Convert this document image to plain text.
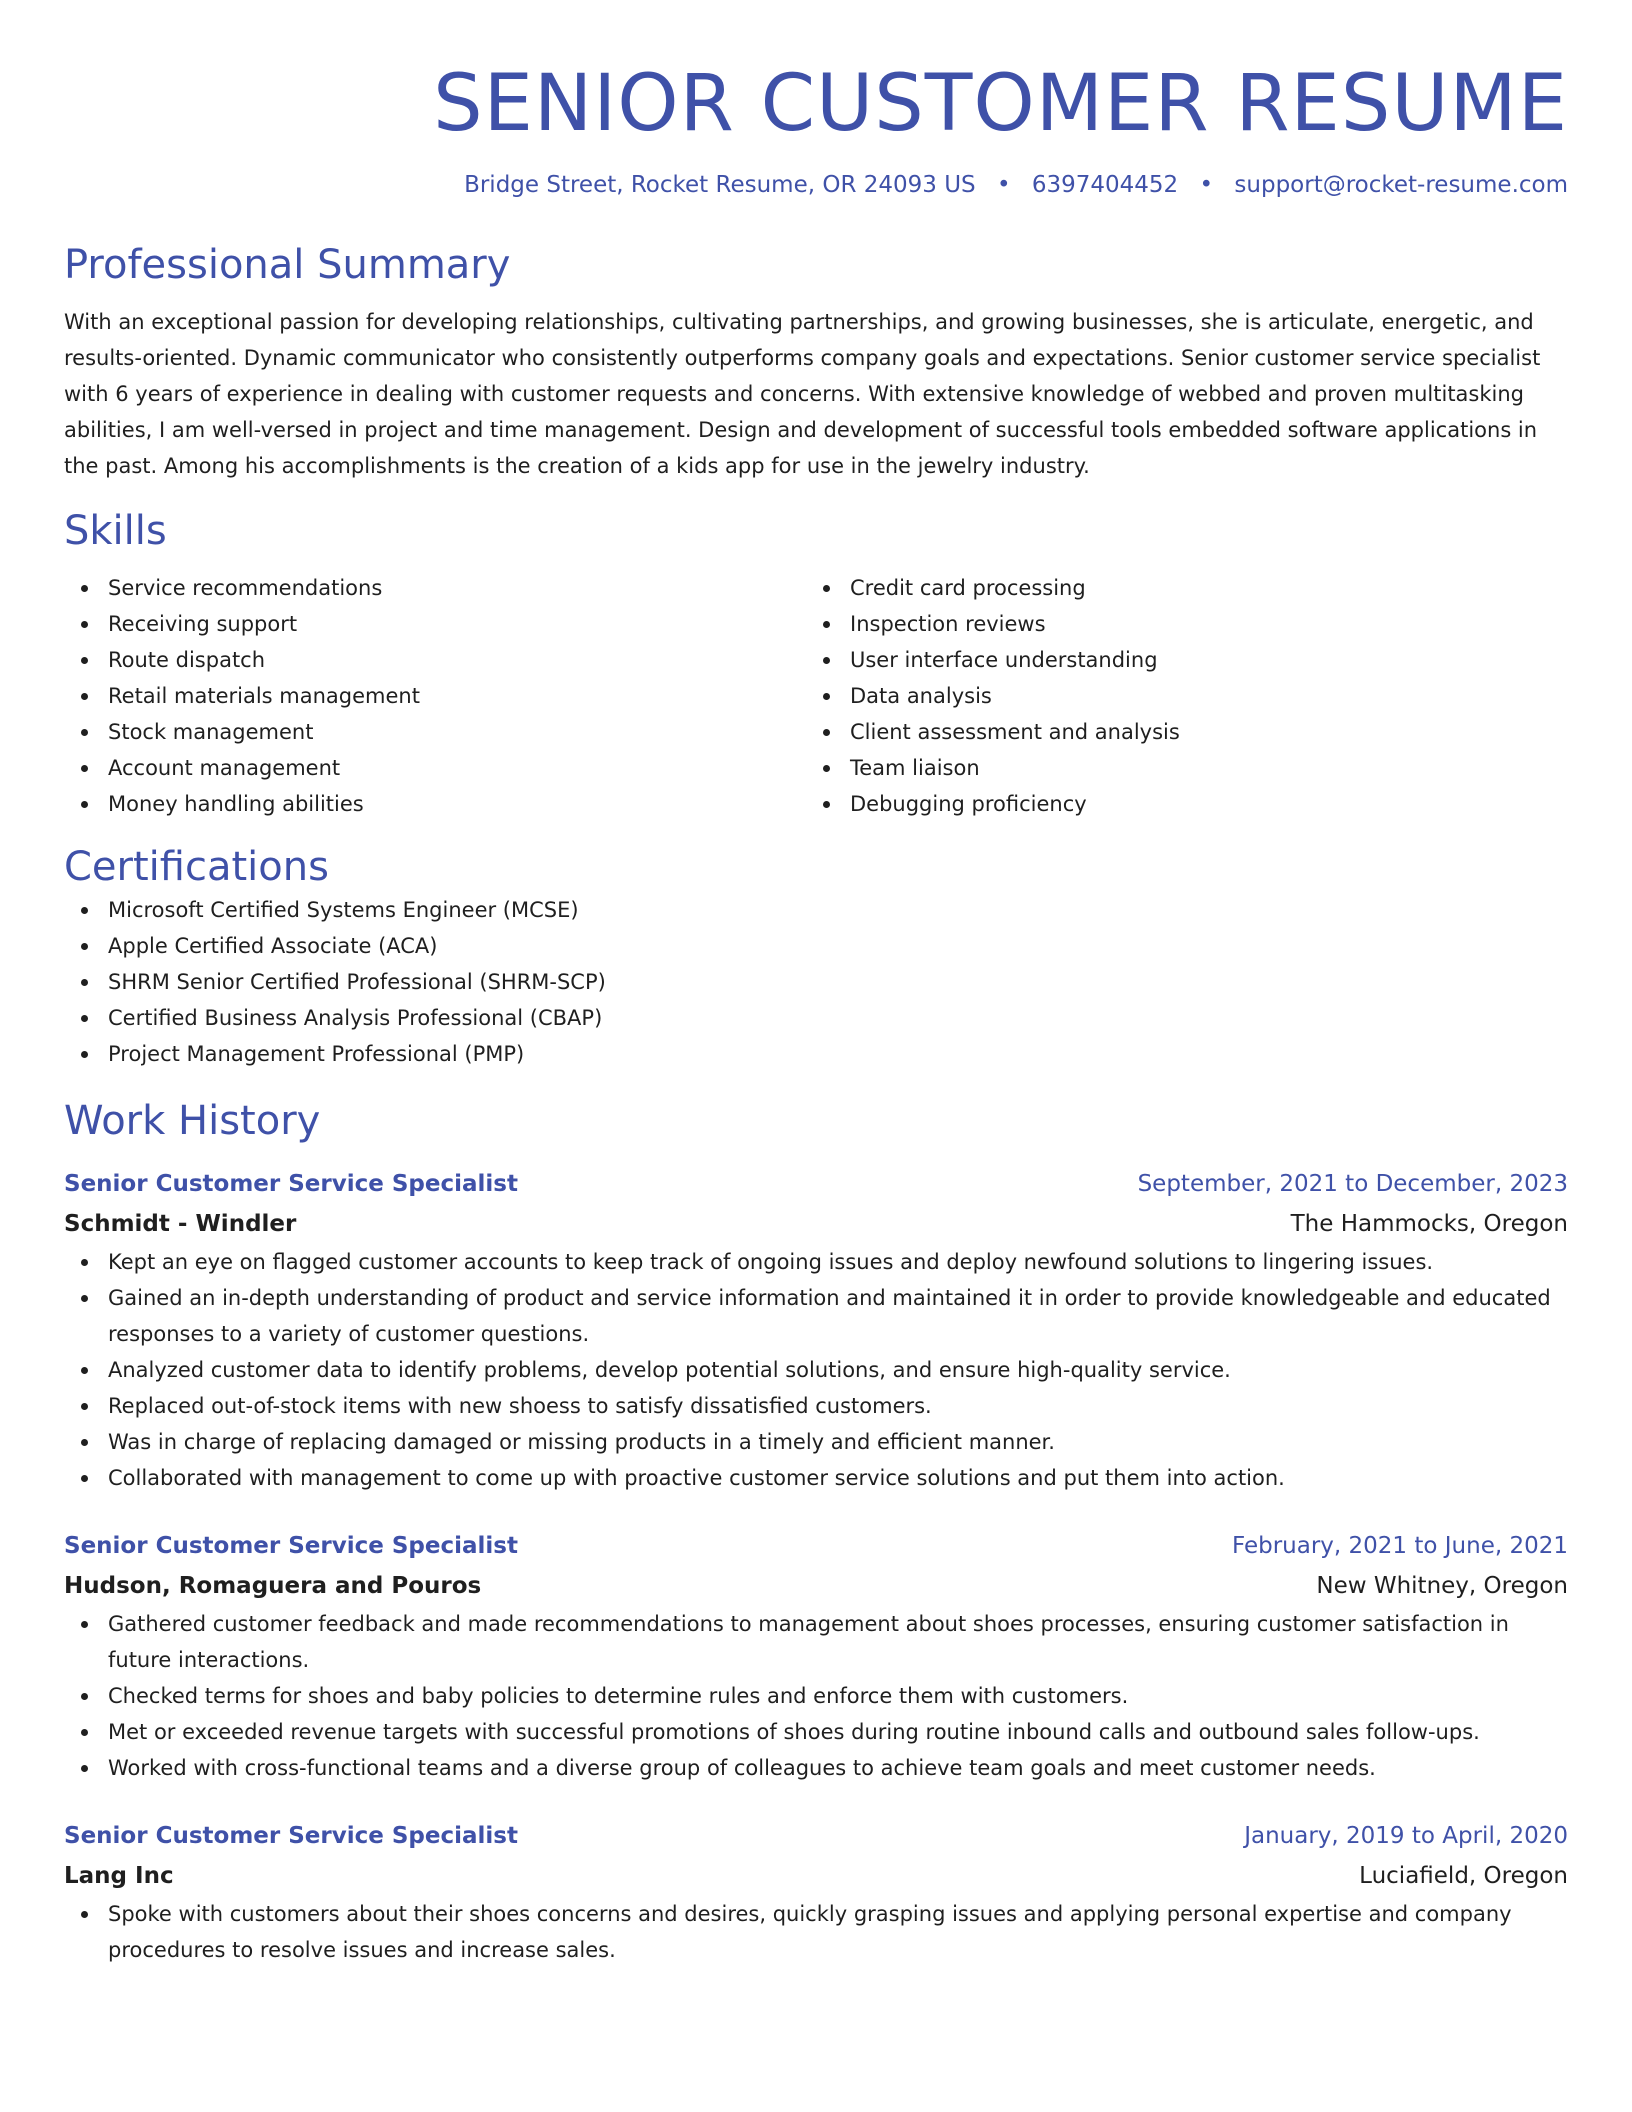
SENIOR CUSTOMER RESUME
Bridge Street, Rocket Resume, OR 24093 US • 6397404452 • support@rocket-resume.com
Professional Summary

With an exceptional passion for developing relationships, cultivating partnerships, and growing businesses, she is articulate, energetic, and results-oriented. Dynamic communicator who consistently outperforms company goals and expectations. Senior customer service specialist with 6 years of experience in dealing with customer requests and concerns. With extensive knowledge of webbed and proven multitasking abilities, I am well-versed in project and time management. Design and development of successful tools embedded software applications in the past. Among his accomplishments is the creation of a kids app for use in the jewelry industry.

Skills
Service recommendations
Receiving support
Route dispatch
Retail materials management
Stock management
Account management
Money handling abilities
Credit card processing
Inspection reviews
User interface understanding
Data analysis
Client assessment and analysis
Team liaison
Debugging proficiency
Certifications
Microsoft Certified Systems Engineer (MCSE)
Apple Certified Associate (ACA)
SHRM Senior Certified Professional (SHRM-SCP)
Certified Business Analysis Professional (CBAP)
Project Management Professional (PMP)
Work History
Senior Customer Service Specialist	September, 2021 to December, 2023
Schmidt - Windler	The Hammocks, Oregon
Kept an eye on flagged customer accounts to keep track of ongoing issues and deploy newfound solutions to lingering issues.
Gained an in-depth understanding of product and service information and maintained it in order to provide knowledgeable and educated responses to a variety of customer questions.
Analyzed customer data to identify problems, develop potential solutions, and ensure high-quality service.
Replaced out-of-stock items with new shoess to satisfy dissatisfied customers.
Was in charge of replacing damaged or missing products in a timely and efficient manner.
Collaborated with management to come up with proactive customer service solutions and put them into action.
Senior Customer Service Specialist	February, 2021 to June, 2021
Hudson, Romaguera and Pouros	New Whitney, Oregon
Gathered customer feedback and made recommendations to management about shoes processes, ensuring customer satisfaction in future interactions.
Checked terms for shoes and baby policies to determine rules and enforce them with customers.
Met or exceeded revenue targets with successful promotions of shoes during routine inbound calls and outbound sales follow-ups.
Worked with cross-functional teams and a diverse group of colleagues to achieve team goals and meet customer needs.
Senior Customer Service Specialist	January, 2019 to April, 2020
Lang Inc	Luciafield, Oregon
Spoke with customers about their shoes concerns and desires, quickly grasping issues and applying personal expertise and company procedures to resolve issues and increase sales.
